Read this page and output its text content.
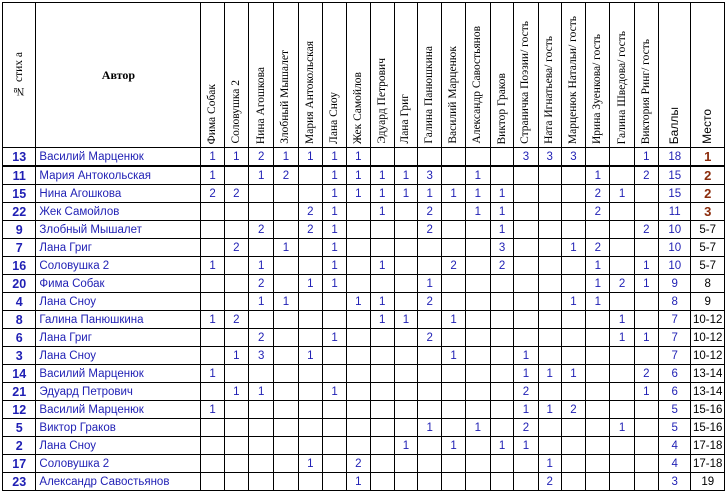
№ стих а	Автор	Фима Собак	Соловушка 2	Нина Агошкова	Злобный Мышалет	Мария Антокольская	Лана Сноу	Жек Самойлов	Эдуард Петрович	Лана Григ	Галина Панюшкина	Василий Марценюк	Александр Савостьянов	Виктор Граков	Страничка Поэзии/ гость	Ната Игнатьева/ гость	Марценюк Натальи/ гость	Ирина Зуенкова/ гость	Галина Шведова/ гость	Виктория Ринг/ гость	Баллы	Место
13	Василий Марценюк	1	1	2	1	1	1	1							3	3	3			1	18	1
11	Мария Антокольская	1		1	2		1	1	1	1	3		1					1		2	15	2
15	Нина Агошкова	2	2				1	1	1	1	1	1	1	1				2	1		15	2
22	Жек Самойлов					2	1		1		2		1	1				2			11	3
9	Злобный Мышалет			2		2	1				2			1						2	10	5-7
7	Лана Григ		2		1		1							3			1	2			10	5-7
16	Соловушка 2	1		1			1		1			2		2				1		1	10	5-7
20	Фима Собак			2		1	1				1							1	2	1	9	8
4	Лана Сноу			1	1			1	1		2						1	1			8	9
8	Галина Панюшкина	1	2						1	1		1							1		7	10-12
6	Лана Григ			2			1				2								1	1	7	10-12
3	Лана Сноу		1	3		1						1			1						7	10-12
14	Василий Марценюк	1													1	1	1			2	6	13-14
21	Эдуард Петрович		1	1			1								2					1	6	13-14
12	Василий Марценюк	1													1	1	2				5	15-16
5	Виктор Граков										1		1		2				1		5	15-16
2	Лана Сноу									1		1		1	1						4	17-18
17	Соловушка 2					1		2								1					4	17-18
23	Александр Савостьянов							1								2					3	19
